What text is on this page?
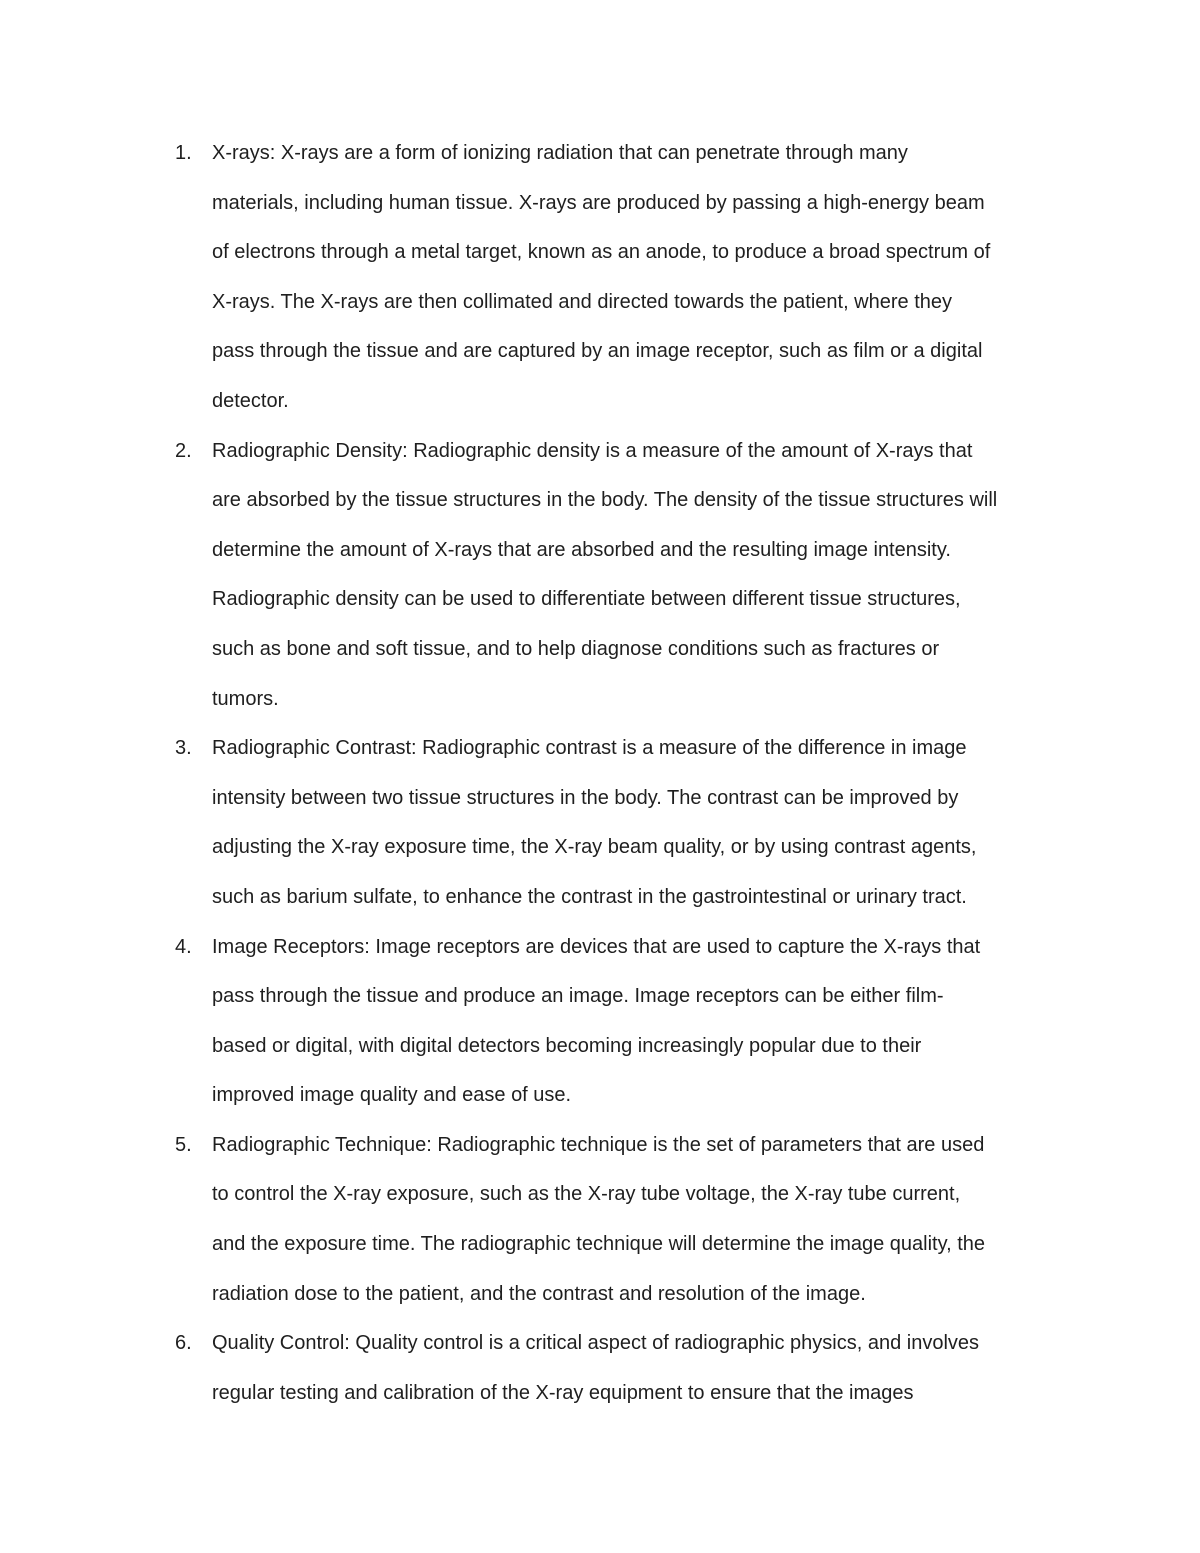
1. X-rays: X-rays are a form of ionizing radiation that can penetrate through many
materials, including human tissue. X-rays are produced by passing a high-energy beam
of electrons through a metal target, known as an anode, to produce a broad spectrum of
X-rays. The X-rays are then collimated and directed towards the patient, where they
pass through the tissue and are captured by an image receptor, such as film or a digital
detector.
2. Radiographic Density: Radiographic density is a measure of the amount of X-rays that
are absorbed by the tissue structures in the body. The density of the tissue structures will
determine the amount of X-rays that are absorbed and the resulting image intensity.
Radiographic density can be used to differentiate between different tissue structures,
such as bone and soft tissue, and to help diagnose conditions such as fractures or
tumors.
3. Radiographic Contrast: Radiographic contrast is a measure of the difference in image
intensity between two tissue structures in the body. The contrast can be improved by
adjusting the X-ray exposure time, the X-ray beam quality, or by using contrast agents,
such as barium sulfate, to enhance the contrast in the gastrointestinal or urinary tract.
4. Image Receptors: Image receptors are devices that are used to capture the X-rays that
pass through the tissue and produce an image. Image receptors can be either film-
based or digital, with digital detectors becoming increasingly popular due to their
improved image quality and ease of use.
5. Radiographic Technique: Radiographic technique is the set of parameters that are used
to control the X-ray exposure, such as the X-ray tube voltage, the X-ray tube current,
and the exposure time. The radiographic technique will determine the image quality, the
radiation dose to the patient, and the contrast and resolution of the image.
6. Quality Control: Quality control is a critical aspect of radiographic physics, and involves
regular testing and calibration of the X-ray equipment to ensure that the images
